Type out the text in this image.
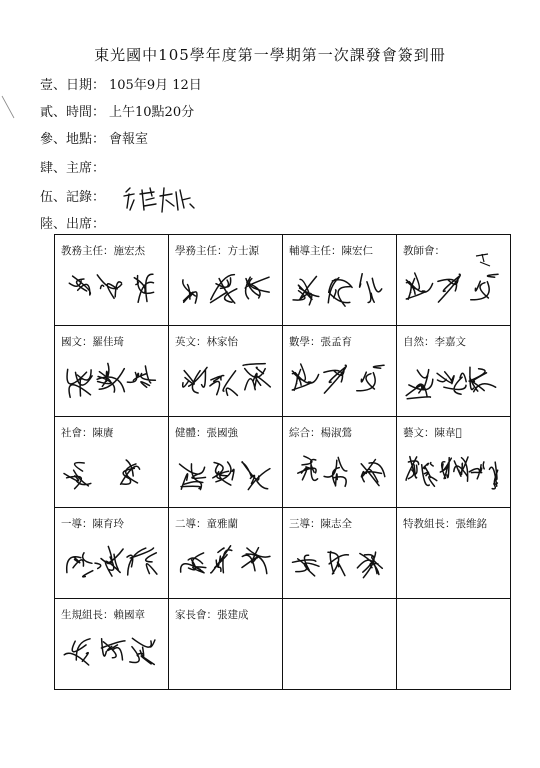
東光國中105學年度第一學期第一次課發會簽到冊
壹、日期： 105年9月 12日
貳、時間： 上午10點20分
參、地點： 會報室
肆、主席：
伍、記錄：
陸、出席：
教務主任：施宏杰	學務主任：方士源	輔導主任：陳宏仁	教師會：

國文：羅佳琦	英文：林家怡	數學：張孟育	自然：李嘉文

社會：陳賡	健體：張國強	綜合：楊淑鶯	藝文：陳韋𪶒

一導：陳育玲	二導：童雅蘭	三導：陳志全	特教組長：張维銘

生規組長：賴國章	家長會：張建成		
